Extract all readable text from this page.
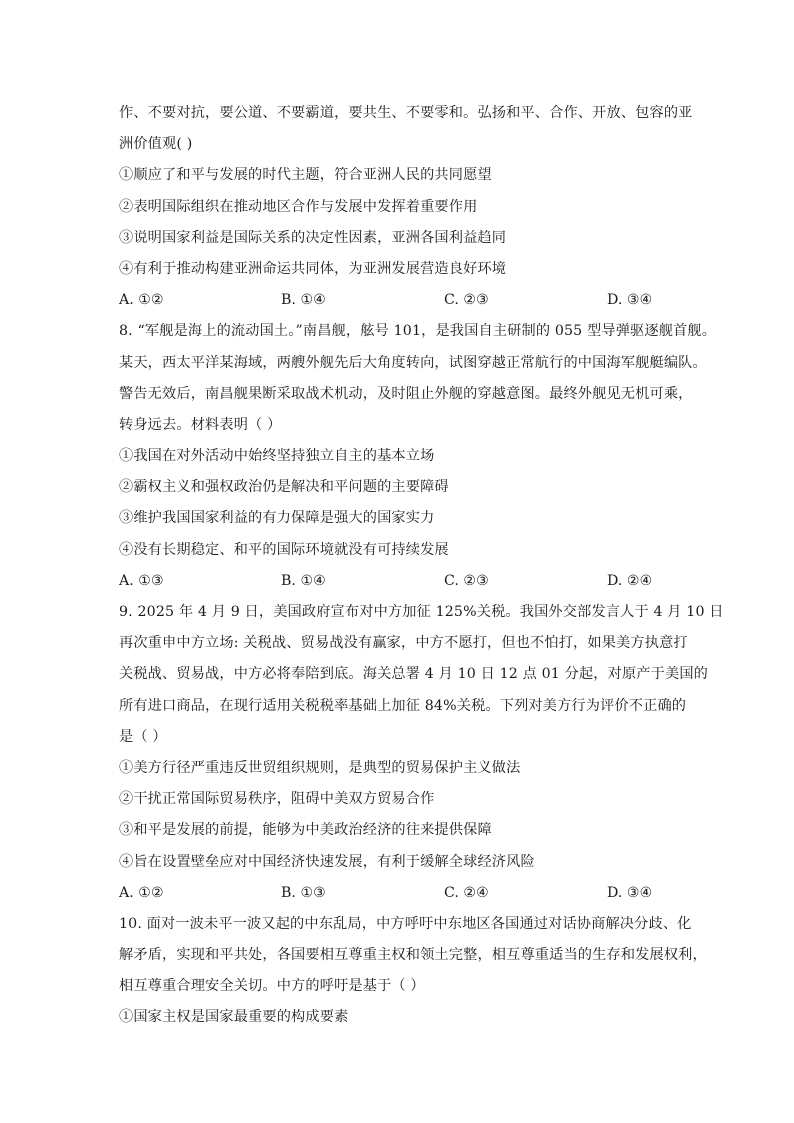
作、不要对抗，要公道、不要霸道，要共生、不要零和。弘扬和平、合作、开放、包容的亚
洲价值观( )
①顺应了和平与发展的时代主题，符合亚洲人民的共同愿望
②表明国际组织在推动地区合作与发展中发挥着重要作用
③说明国家利益是国际关系的决定性因素，亚洲各国利益趋同
④有利于推动构建亚洲命运共同体，为亚洲发展营造良好环境
A. ①②	B. ①④	C. ②③	D. ③④
8. “军舰是海上的流动国土。”南昌舰，舷号 101，是我国自主研制的 055 型导弹驱逐舰首舰。
某天，西太平洋某海域，两艘外舰先后大角度转向，试图穿越正常航行的中国海军舰艇编队。
警告无效后，南昌舰果断采取战术机动，及时阻止外舰的穿越意图。最终外舰见无机可乘，
转身远去。材料表明（ ）
①我国在对外活动中始终坚持独立自主的基本立场
②霸权主义和强权政治仍是解决和平问题的主要障碍
③维护我国国家利益的有力保障是强大的国家实力
④没有长期稳定、和平的国际环境就没有可持续发展
A. ①③	B. ①④	C. ②③	D. ②④
9. 2025 年 4 月 9 日，美国政府宣布对中方加征 125%关税。我国外交部发言人于 4 月 10 日
再次重申中方立场: 关税战、贸易战没有赢家，中方不愿打，但也不怕打，如果美方执意打
关税战、贸易战，中方必将奉陪到底。海关总署 4 月 10 日 12 点 01 分起，对原产于美国的
所有进口商品，在现行适用关税税率基础上加征 84%关税。下列对美方行为评价不正确的
是（ ）
①美方行径严重违反世贸组织规则，是典型的贸易保护主义做法
②干扰正常国际贸易秩序，阻碍中美双方贸易合作
③和平是发展的前提，能够为中美政治经济的往来提供保障
④旨在设置壁垒应对中国经济快速发展，有利于缓解全球经济风险
A. ①②	B. ①③	C. ②④	D. ③④
10. 面对一波未平一波又起的中东乱局，中方呼吁中东地区各国通过对话协商解决分歧、化
解矛盾，实现和平共处，各国要相互尊重主权和领土完整，相互尊重适当的生存和发展权利，
相互尊重合理安全关切。中方的呼吁是基于（ ）
①国家主权是国家最重要的构成要素
